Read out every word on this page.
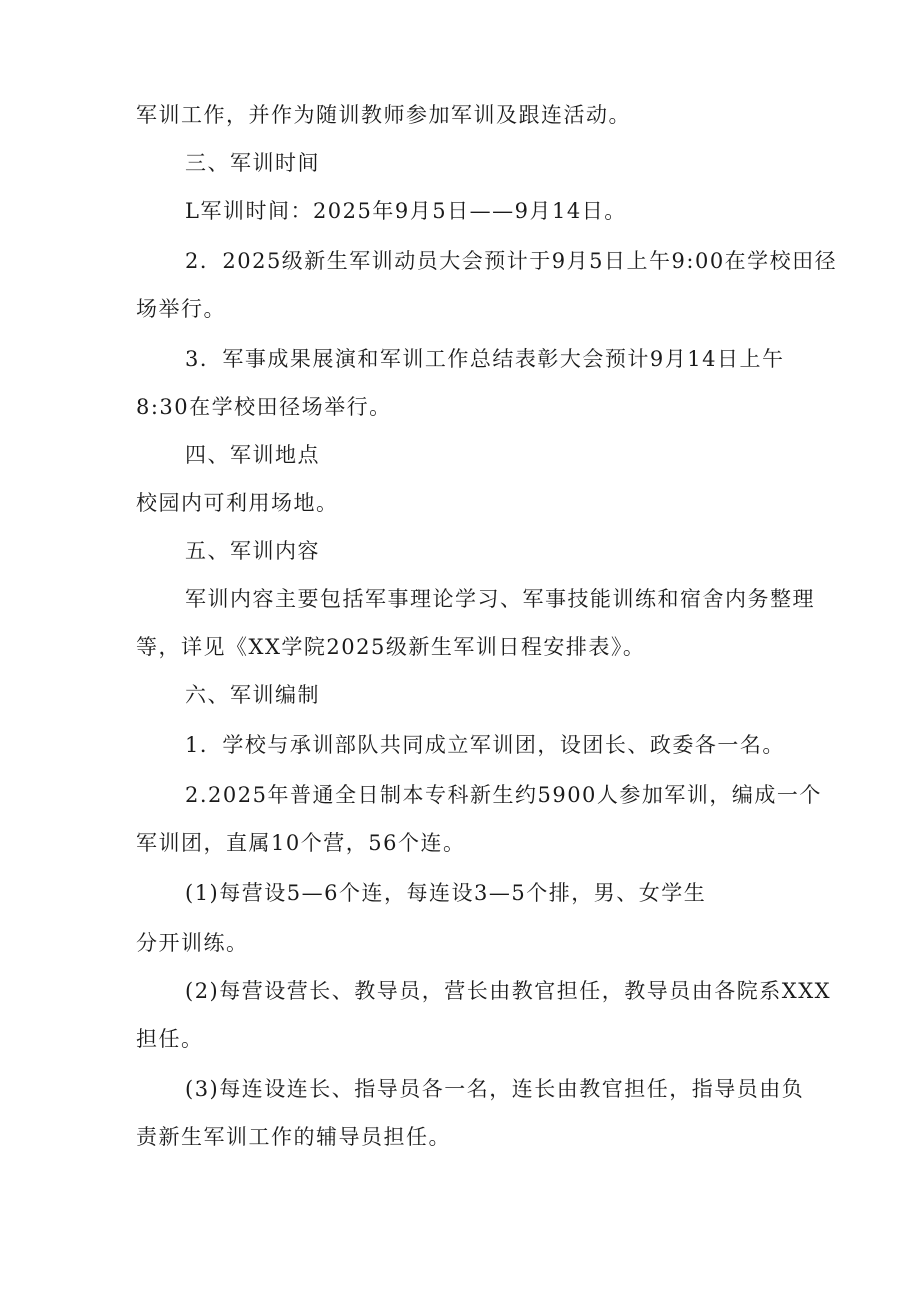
军训工作，并作为随训教师参加军训及跟连活动。
三、军训时间
L军训时间：2025年9月5日——9月14日。
2．2025级新生军训动员大会预计于9月5日上午9:00在学校田径
场举行。
3．军事成果展演和军训工作总结表彰大会预计9月14日上午
8:30在学校田径场举行。
四、军训地点
校园内可利用场地。
五、军训内容
军训内容主要包括军事理论学习、军事技能训练和宿舍内务整理
等，详见《XX学院2025级新生军训日程安排表》。
六、军训编制
1．学校与承训部队共同成立军训团，设团长、政委各一名。
2.2025年普通全日制本专科新生约5900人参加军训，编成一个
军训团，直属10个营，56个连。
(1)每营设5—6个连，每连设3—5个排，男、女学生
分开训练。
(2)每营设营长、教导员，营长由教官担任，教导员由各院系XXX
担任。
(3)每连设连长、指导员各一名，连长由教官担任，指导员由负
责新生军训工作的辅导员担任。
